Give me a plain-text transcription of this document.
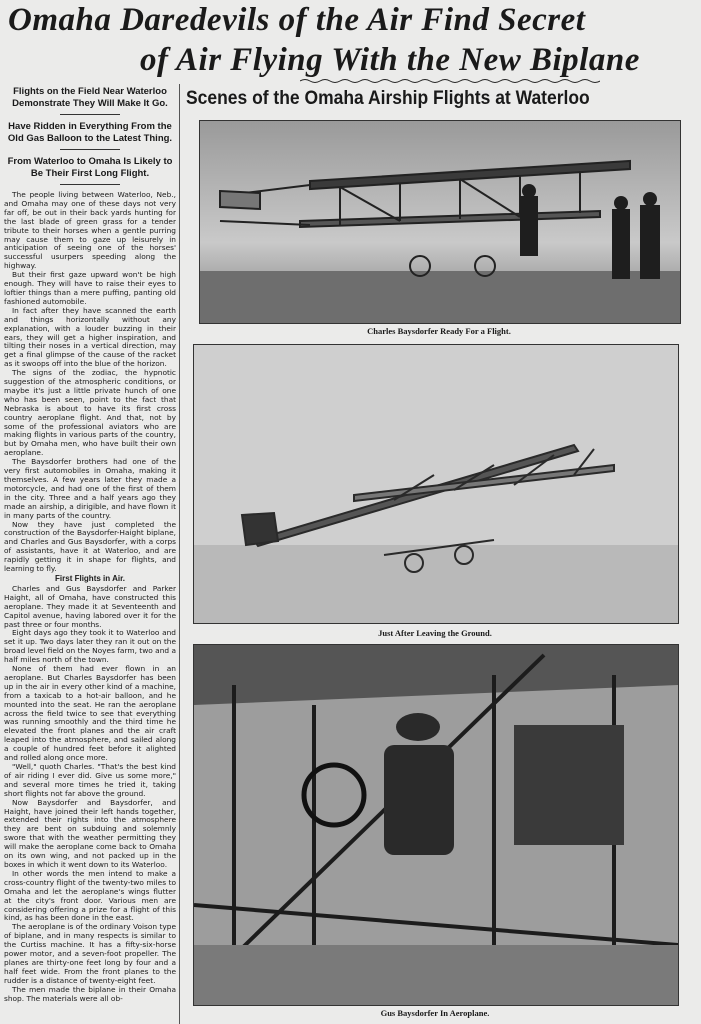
Omaha Daredevils of the Air Find Secret
of Air Flying With the New Biplane
Flights on the Field Near Waterloo Demonstrate They Will Make It Go.
Have Ridden in Everything From the Old Gas Balloon to the Latest Thing.
From Waterloo to Omaha Is Likely to Be Their First Long Flight.

The people living between Waterloo, Neb., and Omaha may one of these days not very far off, be out in their back yards hunting for the last blade of green grass for a tender tribute to their horses when a gentle purring may cause them to gaze up leisurely in anticipation of seeing one of the horses' successful usurpers speeding along the highway.

But their first gaze upward won't be high enough. They will have to raise their eyes to loftier things than a mere puffing, panting old fashioned automobile.

In fact after they have scanned the earth and things horizontally without any explanation, with a louder buzzing in their ears, they will get a higher inspiration, and tilting their noses in a vertical direction, may get a final glimpse of the cause of the racket as it swoops off into the blue of the horizon.

The signs of the zodiac, the hypnotic suggestion of the atmospheric conditions, or maybe it's just a little private hunch of one who has been seen, point to the fact that Nebraska is about to have its first cross country aeroplane flight. And that, not by some of the professional aviators who are making flights in various parts of the country, but by Omaha men, who have built their own aeroplane.

The Baysdorfer brothers had one of the very first automobiles in Omaha, making it themselves. A few years later they made a motorcycle, and had one of the first of them in the city. Three and a half years ago they made an airship, a dirigible, and have flown it in many parts of the country.

Now they have just completed the construction of the Baysdorfer-Haight biplane, and Charles and Gus Baysdorfer, with a corps of assistants, have it at Waterloo, and are rapidly getting it in shape for flights, and learning to fly.

First Flights in Air.

Charles and Gus Baysdorfer and Parker Haight, all of Omaha, have constructed this aeroplane. They made it at Seventeenth and Capitol avenue, having labored over it for the past three or four months.

Eight days ago they took it to Waterloo and set it up. Two days later they ran it out on the broad level field on the Noyes farm, two and a half miles north of the town.

None of them had ever flown in an aeroplane. But Charles Baysdorfer has been up in the air in every other kind of a machine, from a taxicab to a hot-air balloon, and he mounted into the seat. He ran the aeroplane across the field twice to see that everything was running smoothly and the third time he elevated the front planes and the air craft leaped into the atmosphere, and sailed along a couple of hundred feet before it alighted and rolled along once more.

"Well," quoth Charles. "That's the best kind of air riding I ever did. Give us some more," and several more times he tried it, taking short flights not far above the ground.

Now Baysdorfer and Baysdorfer, and Haight, have joined their left hands together, extended their rights into the atmosphere they are bent on subduing and solemnly swore that with the weather permitting they will make the aeroplane come back to Omaha on its own wing, and not packed up in the boxes in which it went down to its Waterloo.

In other words the men intend to make a cross-country flight of the twenty-two miles to Omaha and let the aeroplane's wings flutter at the city's front door. Various men are considering offering a prize for a flight of this kind, as has been done in the east.

The aeroplane is of the ordinary Voison type of biplane, and in many respects is similar to the Curtiss machine. It has a fifty-six-horse power motor, and a seven-foot propeller. The planes are thirty-one feet long by four and a half feet wide. From the front planes to the rudder is a distance of twenty-eight feet.

The men made the biplane in their Omaha shop. The materials were all ob-

Scenes of the Omaha Airship Flights at Waterloo
Charles Baysdorfer Ready For a Flight.
Just After Leaving the Ground.
Gus Baysdorfer In Aeroplane.
